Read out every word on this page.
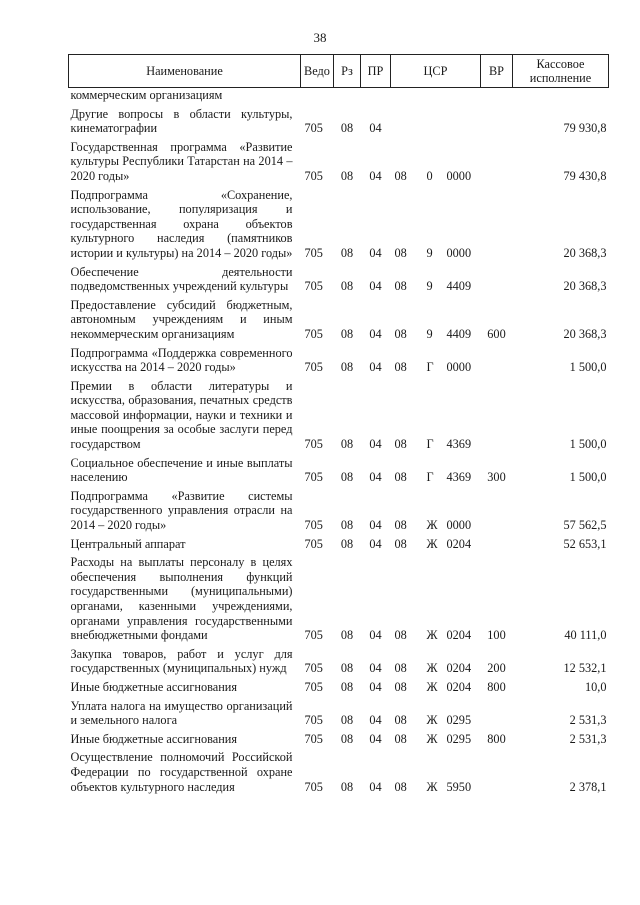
38
Наименование	Ведо	Рз	ПР	ЦСР			ВР	Кассовое исполнение
коммерческим организациям								
Другие вопросы в области культуры, кинематографии	705	08	04					79 930,8
Государственная программа «Развитие культуры Республики Татарстан на 2014 – 2020 годы»	705	08	04	08	0	0000		79 430,8
Подпрограмма «Сохранение, использование, популяризация и государственная охрана объектов культурного наследия (памятников истории и культуры) на 2014 – 2020 годы»	705	08	04	08	9	0000		20 368,3
Обеспечение деятельности подведомственных учреждений культуры	705	08	04	08	9	4409		20 368,3
Предоставление субсидий бюджетным, автономным учреждениям и иным некоммерческим организациям	705	08	04	08	9	4409	600	20 368,3
Подпрограмма «Поддержка современного искусства на 2014 – 2020 годы»	705	08	04	08	Г	0000		1 500,0
Премии в области литературы и искусства, образования, печатных средств массовой информации, науки и техники и иные поощрения за особые заслуги перед государством	705	08	04	08	Г	4369		1 500,0
Социальное обеспечение и иные выплаты населению	705	08	04	08	Г	4369	300	1 500,0
Подпрограмма «Развитие системы государственного управления отрасли на 2014 – 2020 годы»	705	08	04	08	Ж	0000		57 562,5
Центральный аппарат	705	08	04	08	Ж	0204		52 653,1
Расходы на выплаты персоналу в целях обеспечения выполнения функций государственными (муниципальными) органами, казенными учреждениями, органами управления государственными внебюджетными фондами	705	08	04	08	Ж	0204	100	40 111,0
Закупка товаров, работ и услуг для государственных (муниципальных) нужд	705	08	04	08	Ж	0204	200	12 532,1
Иные бюджетные ассигнования	705	08	04	08	Ж	0204	800	10,0
Уплата налога на имущество организаций и земельного налога	705	08	04	08	Ж	0295		2 531,3
Иные бюджетные ассигнования	705	08	04	08	Ж	0295	800	2 531,3
Осуществление полномочий Российской Федерации по государственной охране объектов культурного наследия	705	08	04	08	Ж	5950		2 378,1
